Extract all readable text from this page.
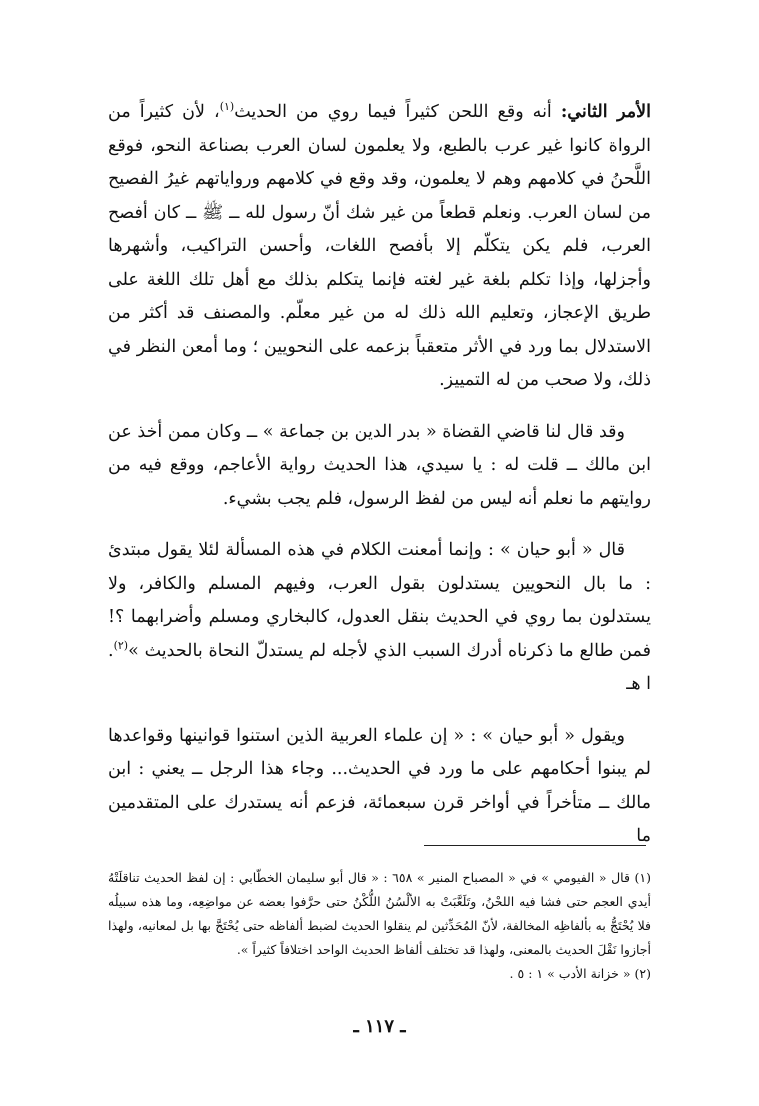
الأمر الثاني: أنه وقع اللحن كثيراً فيما روي من الحديث$^{(١)}$، لأن كثيراً من الرواة كانوا غير عرب بالطبع، ولا يعلمون لسان العرب بصناعة النحو، فوقع اللَّحنُ في كلامهم وهم لا يعلمون، وقد وقع في كلامهم ورواياتهم غيرُ الفصيح من لسان العرب. ونعلم قطعاً من غير شك أنّ رسول لله ــ ﷺ ــ كان أفصح العرب، فلم يكن يتكلّم إلا بأفصح اللغات، وأحسن التراكيب، وأشهرها وأجزلها، وإذا تكلم بلغة غير لغته فإنما يتكلم بذلك مع أهل تلك اللغة على طريق الإعجاز، وتعليم الله ذلك له من غير معلّم. والمصنف قد أكثر من الاستدلال بما ورد في الأثر متعقباً بزعمه على النحويين ؛ وما أمعن النظر في ذلك، ولا صحب من له التمييز.

وقد قال لنا قاضي القضاة « بدر الدين بن جماعة » ــ وكان ممن أخذ عن ابن مالك ــ قلت له : يا سيدي، هذا الحديث رواية الأعاجم، ووقع فيه من روايتهم ما نعلم أنه ليس من لفظ الرسول، فلم يجب بشيء.

قال « أبو حيان » : وإنما أمعنت الكلام في هذه المسألة لئلا يقول مبتدئ : ما بال النحويين يستدلون بقول العرب، وفيهم المسلم والكافر، ولا يستدلون بما روي في الحديث بنقل العدول، كالبخاري ومسلم وأضرابهما ؟! فمن طالع ما ذكرناه أدرك السبب الذي لأجله لم يستدلّ النحاة بالحديث »$^{(٢)}$. ا هـ

ويقول « أبو حيان » : « إن علماء العربية الذين استنوا قوانينها وقواعدها لم يبنوا أحكامهم على ما ورد في الحديث... وجاء هذا الرجل ــ يعني : ابن مالك ــ متأخراً في أواخر قرن سبعمائة، فزعم أنه يستدرك على المتقدمين ما

(١) قال « الفيومي » في « المصباح المنير » ٦٥٨ : « قال أبو سليمان الخطّابي : إن لفظ الحديث تناقلَتْهُ أيدي العجم حتى فشا فيه اللحْنُ، وتَلَعَّبَتْ به الألْسُنُ اللُّكْنُ حتى حرَّفوا بعضه عن مواضِعِه، وما هذه سبيلُه فلا يُحْتَجُّ به بألفاظِه المخالفة، لأنّ المُحَدِّثين لم ينقلوا الحديث لضبط ألفاظه حتى يُحْتَجَّ بها بل لمعانيه، ولهذا أجازوا نَقْلَ الحديث بالمعنى، ولهذا قد تختلف ألفاظ الحديث الواحد اختلافاً كثيراً ».

(٢) « خزانة الأدب » ١ : ٥ .

ـ ١١٧ ـ
